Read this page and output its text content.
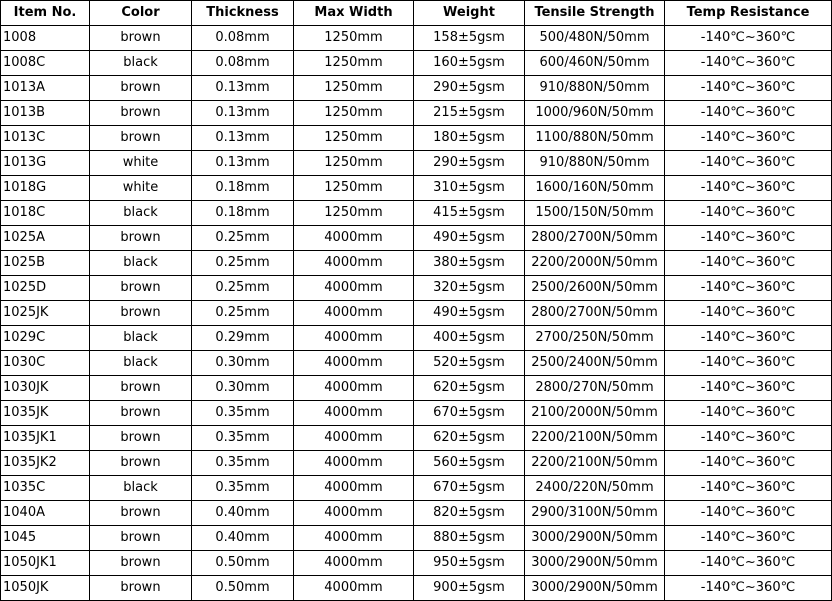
Item No.	Color	Thickness	Max Width	Weight	Tensile Strength	Temp Resistance
1008	brown	0.08mm	1250mm	158±5gsm	500/480N/50mm	-140℃~360℃
1008C	black	0.08mm	1250mm	160±5gsm	600/460N/50mm	-140℃~360℃
1013A	brown	0.13mm	1250mm	290±5gsm	910/880N/50mm	-140℃~360℃
1013B	brown	0.13mm	1250mm	215±5gsm	1000/960N/50mm	-140℃~360℃
1013C	brown	0.13mm	1250mm	180±5gsm	1100/880N/50mm	-140℃~360℃
1013G	white	0.13mm	1250mm	290±5gsm	910/880N/50mm	-140℃~360℃
1018G	white	0.18mm	1250mm	310±5gsm	1600/160N/50mm	-140℃~360℃
1018C	black	0.18mm	1250mm	415±5gsm	1500/150N/50mm	-140℃~360℃
1025A	brown	0.25mm	4000mm	490±5gsm	2800/2700N/50mm	-140℃~360℃
1025B	black	0.25mm	4000mm	380±5gsm	2200/2000N/50mm	-140℃~360℃
1025D	brown	0.25mm	4000mm	320±5gsm	2500/2600N/50mm	-140℃~360℃
1025JK	brown	0.25mm	4000mm	490±5gsm	2800/2700N/50mm	-140℃~360℃
1029C	black	0.29mm	4000mm	400±5gsm	2700/250N/50mm	-140℃~360℃
1030C	black	0.30mm	4000mm	520±5gsm	2500/2400N/50mm	-140℃~360℃
1030JK	brown	0.30mm	4000mm	620±5gsm	2800/270N/50mm	-140℃~360℃
1035JK	brown	0.35mm	4000mm	670±5gsm	2100/2000N/50mm	-140℃~360℃
1035JK1	brown	0.35mm	4000mm	620±5gsm	2200/2100N/50mm	-140℃~360℃
1035JK2	brown	0.35mm	4000mm	560±5gsm	2200/2100N/50mm	-140℃~360℃
1035C	black	0.35mm	4000mm	670±5gsm	2400/220N/50mm	-140℃~360℃
1040A	brown	0.40mm	4000mm	820±5gsm	2900/3100N/50mm	-140℃~360℃
1045	brown	0.40mm	4000mm	880±5gsm	3000/2900N/50mm	-140℃~360℃
1050JK1	brown	0.50mm	4000mm	950±5gsm	3000/2900N/50mm	-140℃~360℃
1050JK	brown	0.50mm	4000mm	900±5gsm	3000/2900N/50mm	-140℃~360℃
